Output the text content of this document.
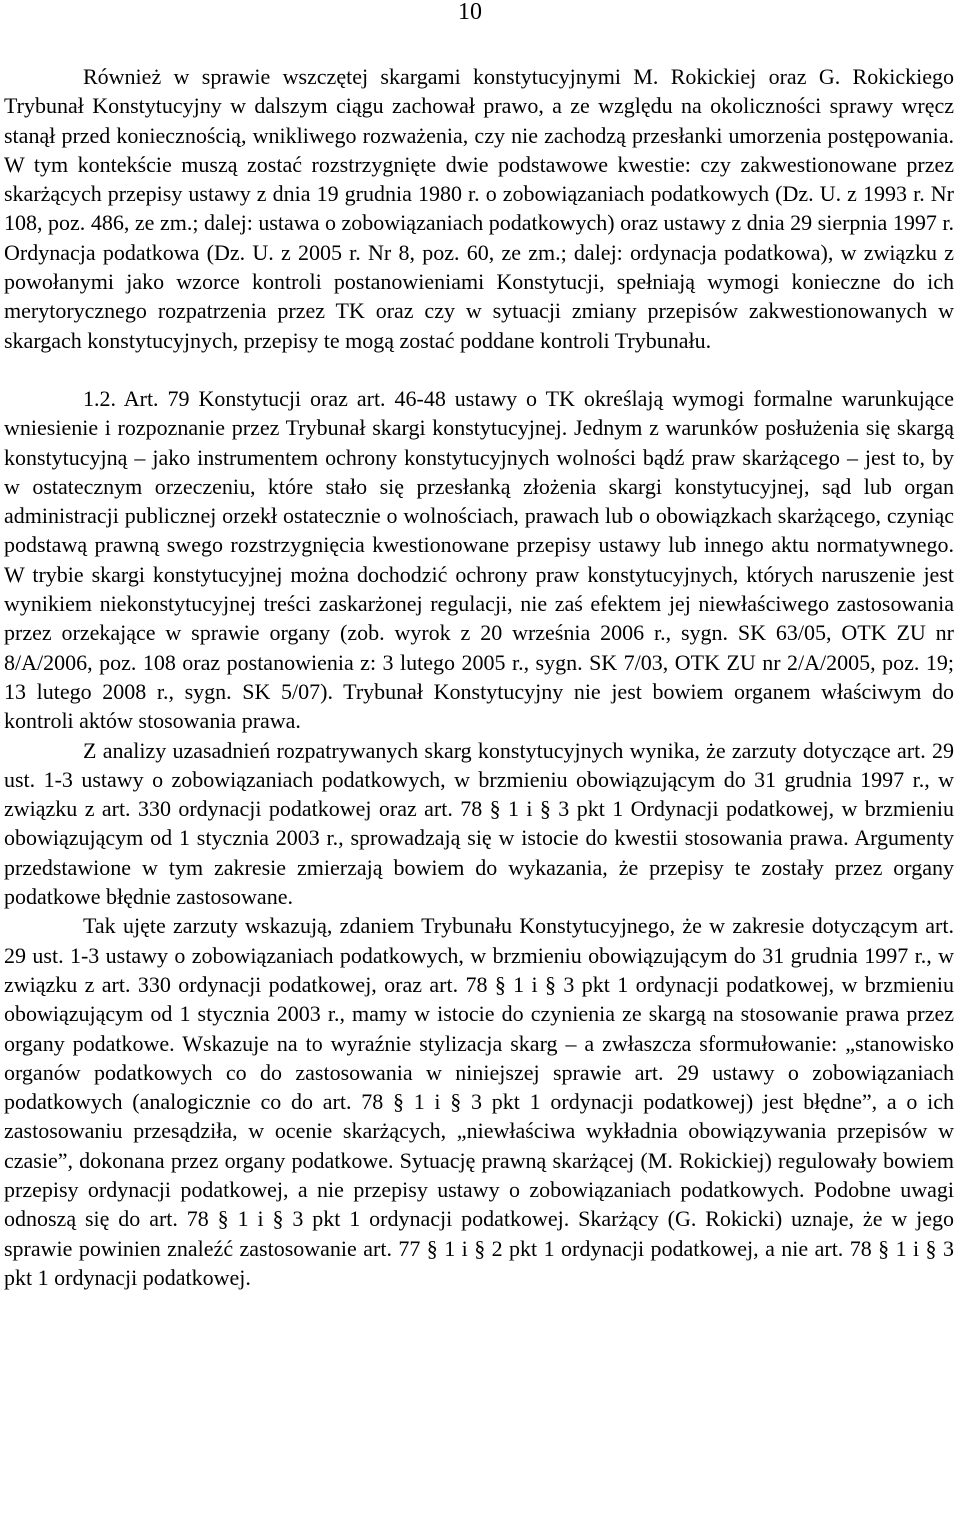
10

Również w sprawie wszczętej skargami konstytucyjnymi M. Rokickiej oraz G. Rokickiego Trybunał Konstytucyjny w dalszym ciągu zachował prawo, a ze względu na okoliczności sprawy wręcz stanął przed koniecznością, wnikliwego rozważenia, czy nie zachodzą przesłanki umorzenia postępowania. W tym kontekście muszą zostać rozstrzygnięte dwie podstawowe kwestie: czy zakwestionowane przez skarżących przepisy ustawy z dnia 19 grudnia 1980 r. o zobowiązaniach podatkowych (Dz. U. z 1993 r. Nr 108, poz. 486, ze zm.; dalej: ustawa o zobowiązaniach podatkowych) oraz ustawy z dnia 29 sierpnia 1997 r. Ordynacja podatkowa (Dz. U. z 2005 r. Nr 8, poz. 60, ze zm.; dalej: ordynacja podatkowa), w związku z powołanymi jako wzorce kontroli postanowieniami Konstytucji, spełniają wymogi konieczne do ich merytorycznego rozpatrzenia przez TK oraz czy w sytuacji zmiany przepisów zakwestionowanych w skargach konstytucyjnych, przepisy te mogą zostać poddane kontroli Trybunału.

1.2. Art. 79 Konstytucji oraz art. 46-48 ustawy o TK określają wymogi formalne warunkujące wniesienie i rozpoznanie przez Trybunał skargi konstytucyjnej. Jednym z warunków posłużenia się skargą konstytucyjną – jako instrumentem ochrony konstytucyjnych wolności bądź praw skarżącego – jest to, by w ostatecznym orzeczeniu, które stało się przesłanką złożenia skargi konstytucyjnej, sąd lub organ administracji publicznej orzekł ostatecznie o wolnościach, prawach lub o obowiązkach skarżącego, czyniąc podstawą prawną swego rozstrzygnięcia kwestionowane przepisy ustawy lub innego aktu normatywnego. W trybie skargi konstytucyjnej można dochodzić ochrony praw konstytucyjnych, których naruszenie jest wynikiem niekonstytucyjnej treści zaskarżonej regulacji, nie zaś efektem jej niewłaściwego zastosowania przez orzekające w sprawie organy (zob. wyrok z 20 września 2006 r., sygn. SK 63/05, OTK ZU nr 8/A/2006, poz. 108 oraz postanowienia z: 3 lutego 2005 r., sygn. SK 7/03, OTK ZU nr 2/A/2005, poz. 19; 13 lutego 2008 r., sygn. SK 5/07). Trybunał Konstytucyjny nie jest bowiem organem właściwym do kontroli aktów stosowania prawa.

Z analizy uzasadnień rozpatrywanych skarg konstytucyjnych wynika, że zarzuty dotyczące art. 29 ust. 1-3 ustawy o zobowiązaniach podatkowych, w brzmieniu obowiązującym do 31 grudnia 1997 r., w związku z art. 330 ordynacji podatkowej oraz art. 78 § 1 i § 3 pkt 1 Ordynacji podatkowej, w brzmieniu obowiązującym od 1 stycznia 2003 r., sprowadzają się w istocie do kwestii stosowania prawa. Argumenty przedstawione w tym zakresie zmierzają bowiem do wykazania, że przepisy te zostały przez organy podatkowe błędnie zastosowane.

Tak ujęte zarzuty wskazują, zdaniem Trybunału Konstytucyjnego, że w zakresie dotyczącym art. 29 ust. 1-3 ustawy o zobowiązaniach podatkowych, w brzmieniu obowiązującym do 31 grudnia 1997 r., w związku z art. 330 ordynacji podatkowej, oraz art. 78 § 1 i § 3 pkt 1 ordynacji podatkowej, w brzmieniu obowiązującym od 1 stycznia 2003 r., mamy w istocie do czynienia ze skargą na stosowanie prawa przez organy podatkowe. Wskazuje na to wyraźnie stylizacja skarg – a zwłaszcza sformułowanie: „stanowisko organów podatkowych co do zastosowania w niniejszej sprawie art. 29 ustawy o zobowiązaniach podatkowych (analogicznie co do art. 78 § 1 i § 3 pkt 1 ordynacji podatkowej) jest błędne”, a o ich zastosowaniu przesądziła, w ocenie skarżących, „niewłaściwa wykładnia obowiązywania przepisów w czasie”, dokonana przez organy podatkowe. Sytuację prawną skarżącej (M. Rokickiej) regulowały bowiem przepisy ordynacji podatkowej, a nie przepisy ustawy o zobowiązaniach podatkowych. Podobne uwagi odnoszą się do art. 78 § 1 i § 3 pkt 1 ordynacji podatkowej. Skarżący (G. Rokicki) uznaje, że w jego sprawie powinien znaleźć zastosowanie art. 77 § 1 i § 2 pkt 1 ordynacji podatkowej, a nie art. 78 § 1 i § 3 pkt 1 ordynacji podatkowej.
